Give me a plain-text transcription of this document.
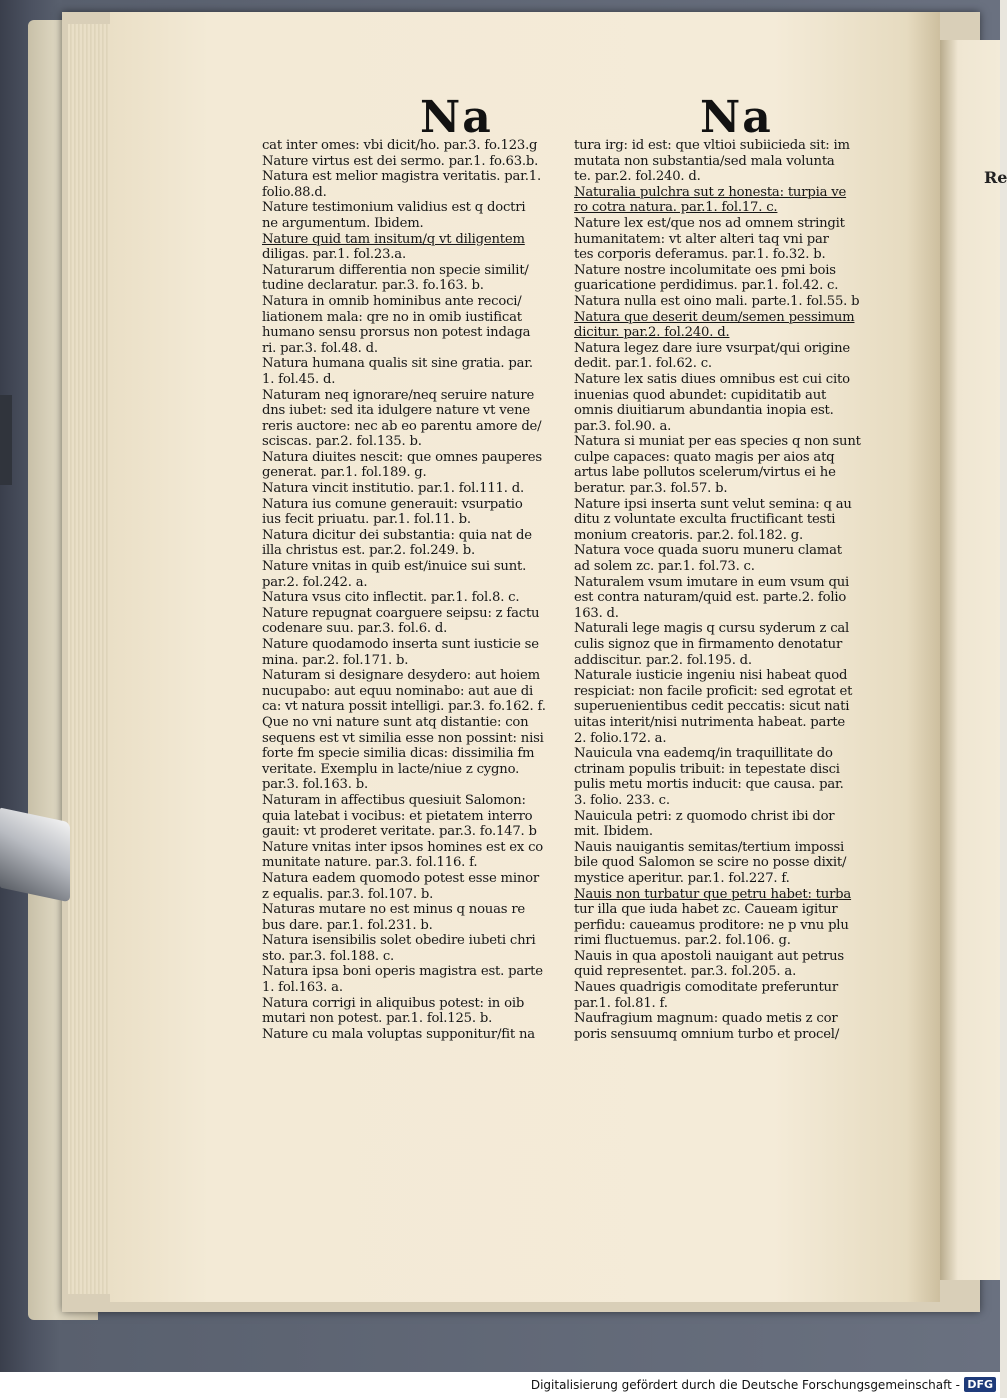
Re
Na	Na
cat inter omes: vbi dicit/ho. par.3. fo.123.g
Nature virtus est dei sermo. par.1. fo.63.b.
Natura est melior magistra veritatis. par.1.
folio.88.d.
Nature testimonium validius est q doctri
ne argumentum. Ibidem.
Nature quid tam insitum/q vt diligentem
diligas. par.1. fol.23.a.
Naturarum differentia non specie similit/
tudine declaratur. par.3. fo.163. b.
Natura in omnib hominibus ante recoci/
liationem mala: qre no in omib iustificat
humano sensu prorsus non potest indaga
ri. par.3. fol.48. d.
Natura humana qualis sit sine gratia. par.
1. fol.45. d.
Naturam neq ignorare/neq seruire nature
dns iubet: sed ita idulgere nature vt vene
reris auctore: nec ab eo parentu amore de/
sciscas. par.2. fol.135. b.
Natura diuites nescit: que omnes pauperes
generat. par.1. fol.189. g.
Natura vincit institutio. par.1. fol.111. d.
Natura ius comune generauit: vsurpatio
ius fecit priuatu. par.1. fol.11. b.
Natura dicitur dei substantia: quia nat de
illa christus est. par.2. fol.249. b.
Nature vnitas in quib est/inuice sui sunt.
par.2. fol.242. a.
Natura vsus cito inflectit. par.1. fol.8. c.
Nature repugnat coarguere seipsu: z factu
codenare suu. par.3. fol.6. d.
Nature quodamodo inserta sunt iusticie se
mina. par.2. fol.171. b.
Naturam si designare desydero: aut hoiem
nucupabo: aut equu nominabo: aut aue di
ca: vt natura possit intelligi. par.3. fo.162. f.
Que no vni nature sunt atq distantie: con
sequens est vt similia esse non possint: nisi
forte fm specie similia dicas: dissimilia fm
veritate. Exemplu in lacte/niue z cygno.
par.3. fol.163. b.
Naturam in affectibus quesiuit Salomon:
quia latebat i vocibus: et pietatem interro
gauit: vt proderet veritate. par.3. fo.147. b
Nature vnitas inter ipsos homines est ex co
munitate nature. par.3. fol.116. f.
Natura eadem quomodo potest esse minor
z equalis. par.3. fol.107. b.
Naturas mutare no est minus q nouas re
bus dare. par.1. fol.231. b.
Natura isensibilis solet obedire iubeti chri
sto. par.3. fol.188. c.
Natura ipsa boni operis magistra est. parte
1. fol.163. a.
Natura corrigi in aliquibus potest: in oib
mutari non potest. par.1. fol.125. b.
Nature cu mala voluptas supponitur/fit na
tura irg: id est: que vltioi subiicieda sit: im
mutata non substantia/sed mala volunta
te. par.2. fol.240. d.
Naturalia pulchra sut z honesta: turpia ve
ro cotra natura. par.1. fol.17. c.
Nature lex est/que nos ad omnem stringit
humanitatem: vt alter alteri taq vni par
tes corporis deferamus. par.1. fo.32. b.
Nature nostre incolumitate oes pmi bois
guaricatione perdidimus. par.1. fol.42. c.
Natura nulla est oino mali. parte.1. fol.55. b
Natura que deserit deum/semen pessimum
dicitur. par.2. fol.240. d.
Natura legez dare iure vsurpat/qui origine
dedit. par.1. fol.62. c.
Nature lex satis diues omnibus est cui cito
inuenias quod abundet: cupiditatib aut
omnis diuitiarum abundantia inopia est.
par.3. fol.90. a.
Natura si muniat per eas species q non sunt
culpe capaces: quato magis per aios atq
artus labe pollutos scelerum/virtus ei he
beratur. par.3. fol.57. b.
Nature ipsi inserta sunt velut semina: q au
ditu z voluntate exculta fructificant testi
monium creatoris. par.2. fol.182. g.
Natura voce quada suoru muneru clamat
ad solem zc. par.1. fol.73. c.
Naturalem vsum imutare in eum vsum qui
est contra naturam/quid est. parte.2. folio
163. d.
Naturali lege magis q cursu syderum z cal
culis signoz que in firmamento denotatur
addiscitur. par.2. fol.195. d.
Naturale iusticie ingeniu nisi habeat quod
respiciat: non facile proficit: sed egrotat et
superuenientibus cedit peccatis: sicut nati
uitas interit/nisi nutrimenta habeat. parte
2. folio.172. a.
Nauicula vna eademq/in traquillitate do
ctrinam populis tribuit: in tepestate disci
pulis metu mortis inducit: que causa. par.
3. folio. 233. c.
Nauicula petri: z quomodo christ ibi dor
mit. Ibidem.
Nauis nauigantis semitas/tertium impossi
bile quod Salomon se scire no posse dixit/
mystice aperitur. par.1. fol.227. f.
Nauis non turbatur que petru habet: turba
tur illa que iuda habet zc. Caueam igitur
perfidu: caueamus proditore: ne p vnu plu
rimi fluctuemus. par.2. fol.106. g.
Nauis in qua apostoli nauigant aut petrus
quid representet. par.3. fol.205. a.
Naues quadrigis comoditate preferuntur
par.1. fol.81. f.
Naufragium magnum: quado metis z cor
poris sensuumq omnium turbo et procel/
Digitalisierung gefördert durch die Deutsche Forschungsgemeinschaft - DFG
